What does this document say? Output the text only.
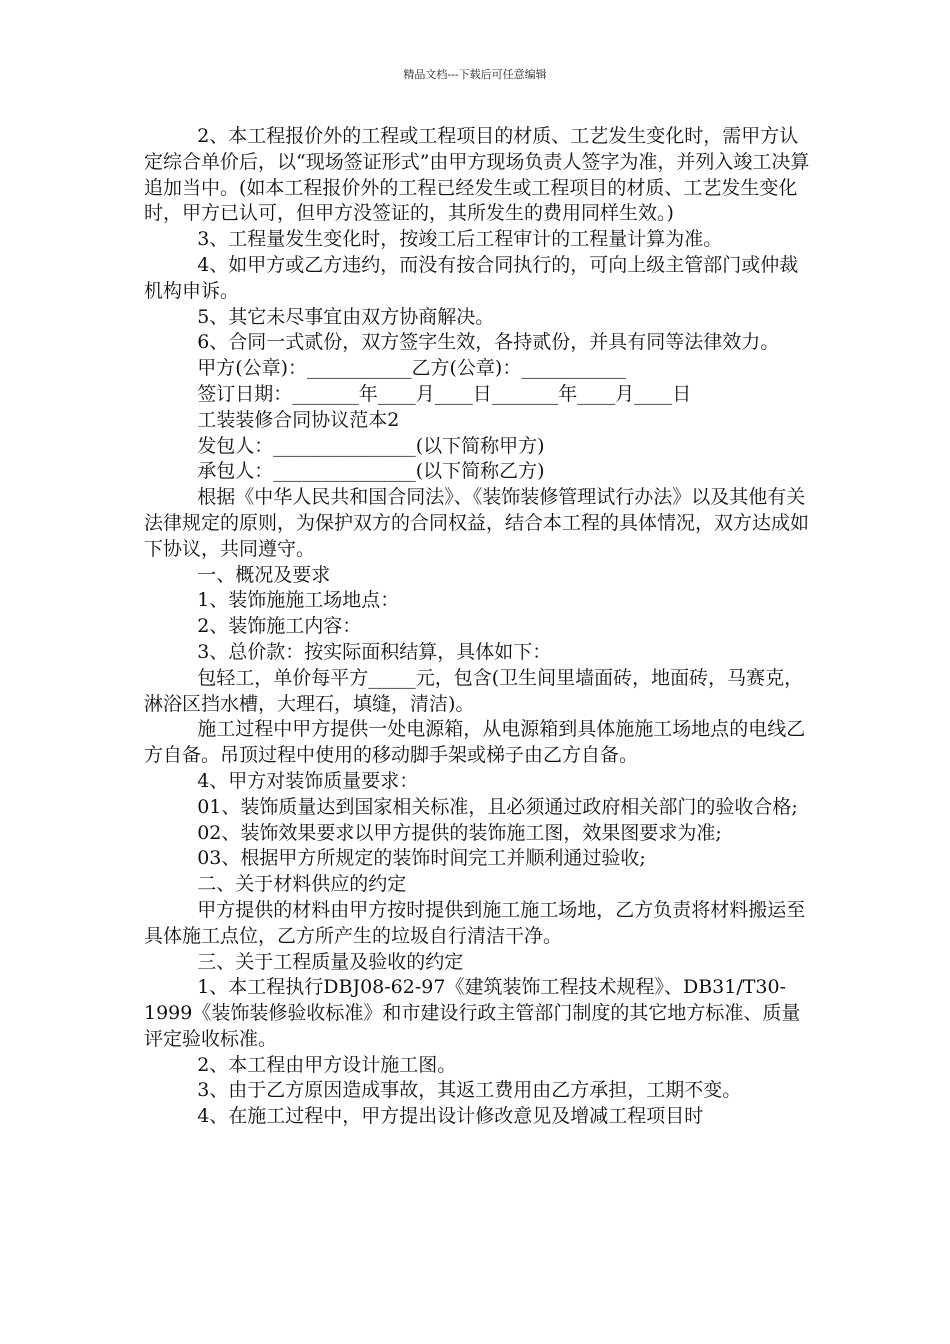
精品文档---下载后可任意编辑

2、本工程报价外的工程或工程项目的材质、工艺发生变化时，需甲方认定综合单价后，以“现场签证形式”由甲方现场负责人签字为准，并列入竣工决算追加当中。(如本工程报价外的工程已经发生或工程项目的材质、工艺发生变化时，甲方已认可，但甲方没签证的，其所发生的费用同样生效。)

3、工程量发生变化时，按竣工后工程审计的工程量计算为准。

4、如甲方或乙方违约，而没有按合同执行的，可向上级主管部门或仲裁机构申诉。

5、其它未尽事宜由双方协商解决。

6、合同一式贰份，双方签字生效，各持贰份，并具有同等法律效力。

甲方(公章)：___________乙方(公章)：___________

签订日期：_______年____月____日_______年____月____日

工装装修合同协议范本2

发包人：_______________(以下简称甲方)

承包人：_______________(以下简称乙方)

根据《中华人民共和国合同法》、《装饰装修管理试行办法》以及其他有关法律规定的原则，为保护双方的合同权益，结合本工程的具体情况，双方达成如下协议，共同遵守。

一、概况及要求

1、装饰施施工场地点：

2、装饰施工内容：

3、总价款：按实际面积结算，具体如下：

包轻工，单价每平方_____元，包含(卫生间里墙面砖，地面砖，马赛克，淋浴区挡水槽，大理石，填缝，清洁)。

施工过程中甲方提供一处电源箱，从电源箱到具体施施工场地点的电线乙方自备。吊顶过程中使用的移动脚手架或梯子由乙方自备。

4、甲方对装饰质量要求：

01、装饰质量达到国家相关标准，且必须通过政府相关部门的验收合格;

02、装饰效果要求以甲方提供的装饰施工图，效果图要求为准;

03、根据甲方所规定的装饰时间完工并顺利通过验收;

二、关于材料供应的约定

甲方提供的材料由甲方按时提供到施工施工场地，乙方负责将材料搬运至具体施工点位，乙方所产生的垃圾自行清洁干净。

三、关于工程质量及验收的约定

1、本工程执行DBJ08-62-97《建筑装饰工程技术规程》、DB31/T30-1999《装饰装修验收标准》和市建设行政主管部门制度的其它地方标准、质量评定验收标准。

2、本工程由甲方设计施工图。

3、由于乙方原因造成事故，其返工费用由乙方承担，工期不变。

4、在施工过程中，甲方提出设计修改意见及增减工程项目时
